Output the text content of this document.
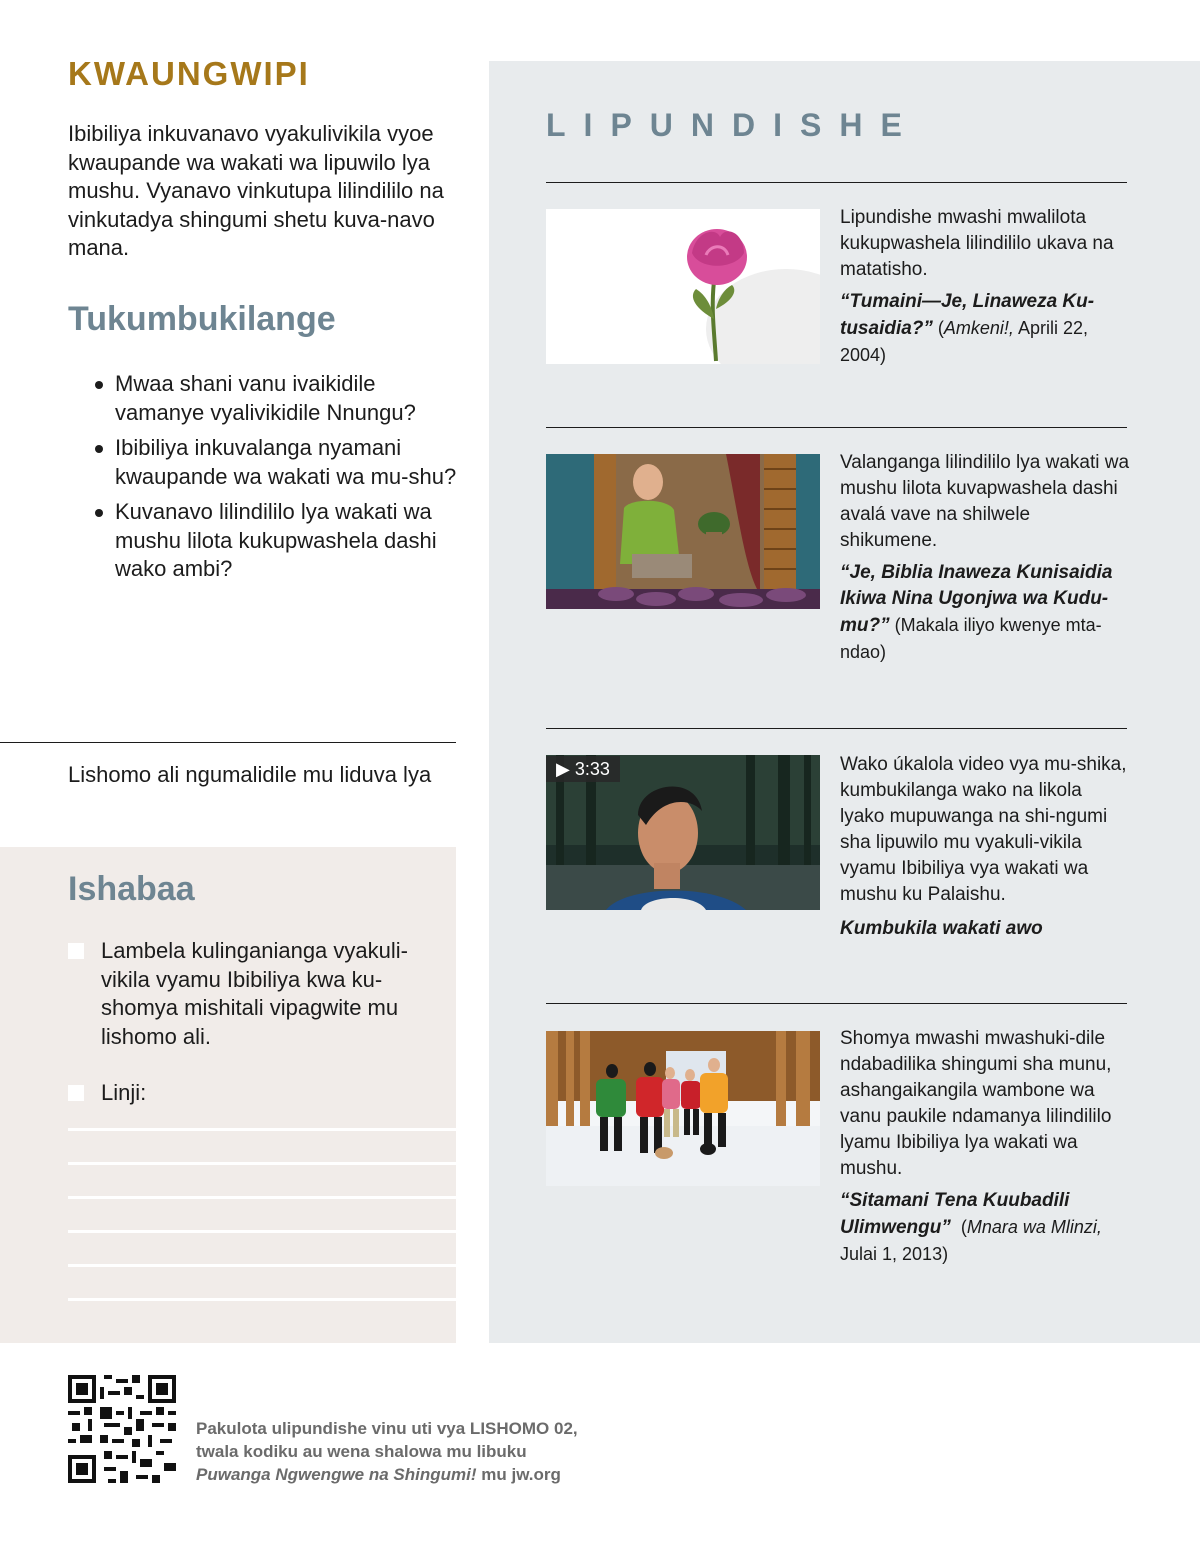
KWAUNGWIPI
Ibibiliya inkuvanavo vyakulivikila vyoe kwaupande wa wakati wa lipuwilo lya mushu. Vyanavo vinkutupa lilindililo na vinkutadya shingumi shetu kuva-navo mana.
Tukumbukilange
Mwaa shani vanu ivaikidile vamanye vyalivikidile Nnungu?
Ibibiliya inkuvalanga nyamani kwaupande wa wakati wa mu-shu?
Kuvanavo lilindililo lya wakati wa mushu lilota kukupwashela dashi wako ambi?
Lishomo ali ngumalidile mu liduva lya
Ishabaa
Lambela kulinganianga vyakuli-vikila vyamu Ibibiliya kwa ku-shomya mishitali vipagwite mu lishomo ali.
Linji:
LIPUNDISHE

Lipundishe mwashi mwalilota kukupwashela lilindililo ukava na matatisho.

“Tumaini—Je, Linaweza Ku-tusaidia?” (Amkeni!, Aprili 22, 2004)

Valanganga lilindililo lya wakati wa mushu lilota kuvapwashela dashi avalá vave na shilwele shikumene.

“Je, Biblia Inaweza Kunisaidia Ikiwa Nina Ugonjwa wa Kudu-mu?” (Makala iliyo kwenye mta-ndao)

▶ 3:33	Wako úkalola video vya mu-shika, kumbukilanga wako na likola lyako mupuwanga na shi-ngumi sha lipuwilo mu vyakuli-vikila vyamu Ibibiliya vya wakati wa mushu ku Palaishu.

Kumbukila wakati awo

Shomya mwashi mwashuki-dile ndabadilika shingumi sha munu, ashangaikangila wambone wa vanu paukile ndamanya lilindililo lyamu Ibibiliya lya wakati wa mushu.

“Sitamani Tena Kuubadili Ulimwengu”  (Mnara wa Mlinzi, Julai 1, 2013)

Pakulota ulipundishe vinu uti vya LISHOMO 02,
twala kodiku au wena shalowa mu libuku
Puwanga Ngwengwe na Shingumi! mu jw.org
